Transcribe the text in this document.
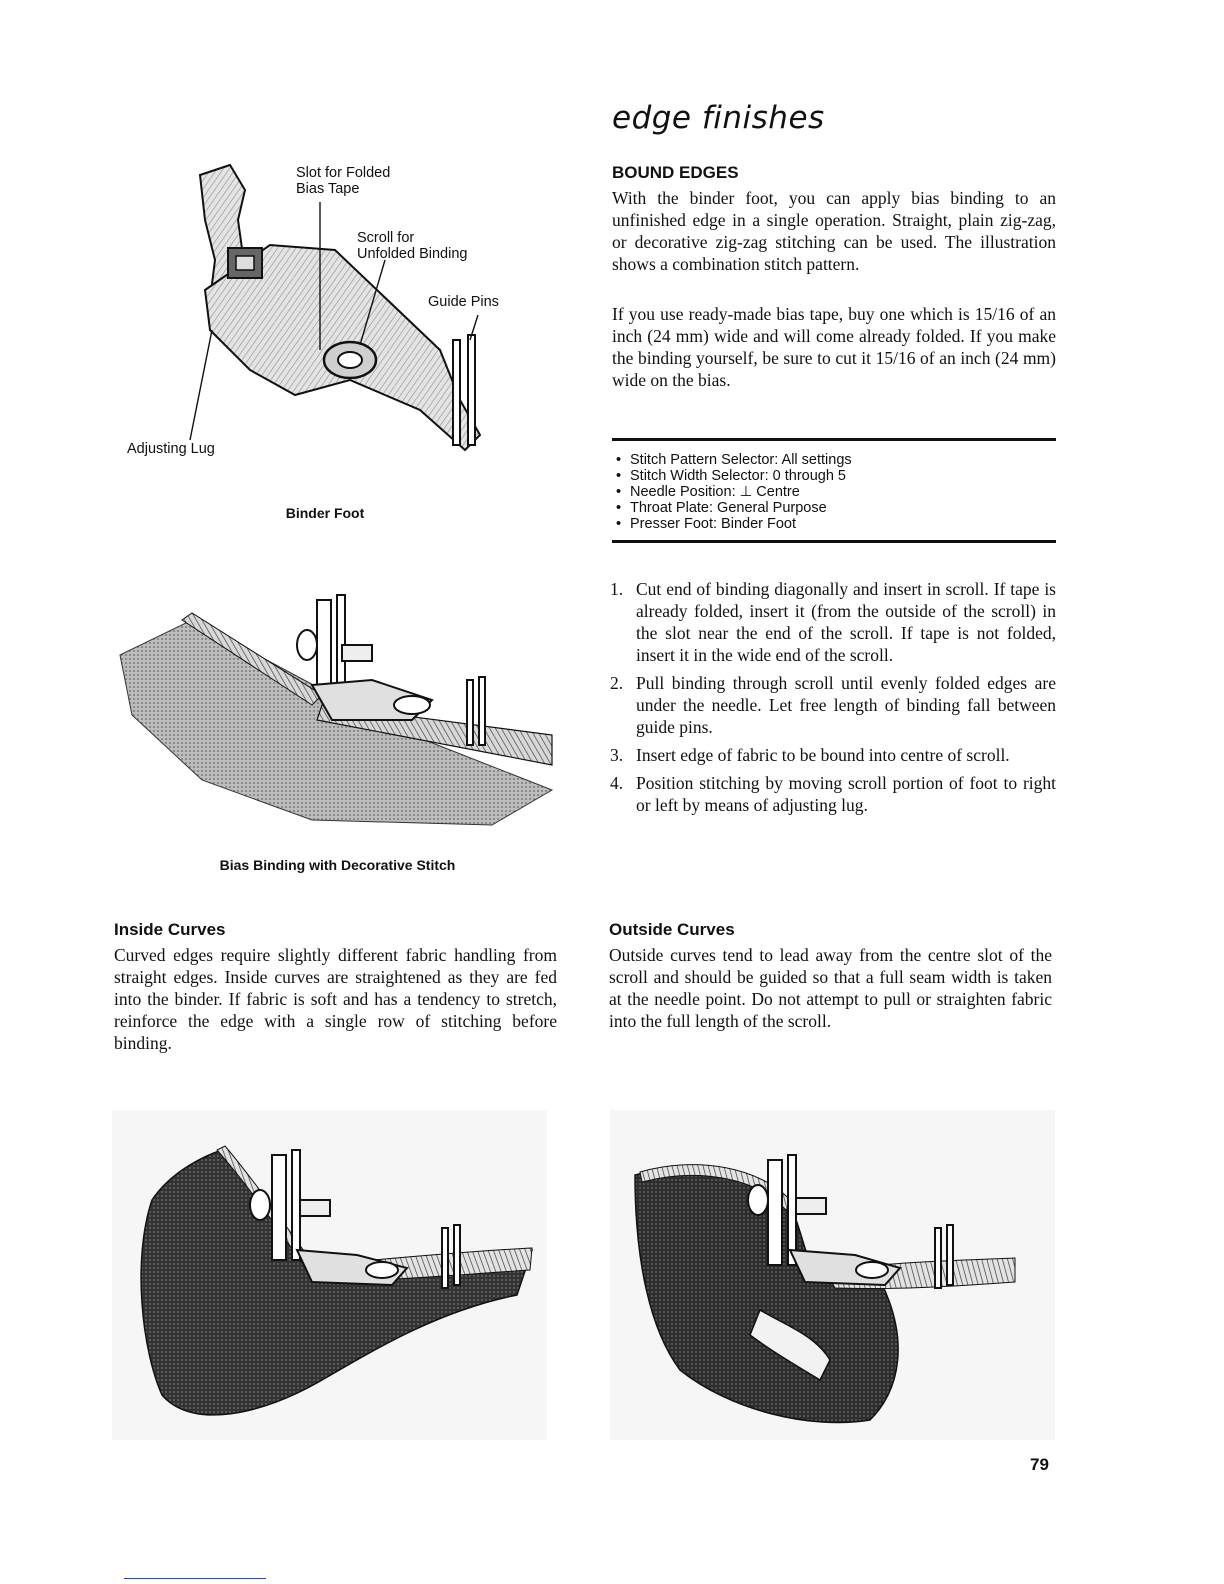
edge finishes
BOUND EDGES

With the binder foot, you can apply bias binding to an unfinished edge in a single operation. Straight, plain zig-zag, or decorative zig-zag stitching can be used. The illustration shows a combination stitch pattern.

If you use ready-made bias tape, buy one which is 15/16 of an inch (24 mm) wide and will come already folded. If you make the binding yourself, be sure to cut it 15/16 of an inch (24 mm) wide on the bias.

• Stitch Pattern Selector: All settings
• Stitch Width Selector: 0 through 5
• Needle Position: ⊥ Centre
• Throat Plate: General Purpose
• Presser Foot: Binder Foot
1. Cut end of binding diagonally and insert in scroll. If tape is already folded, insert it (from the outside of the scroll) in the slot near the end of the scroll. If tape is not folded, insert it in the wide end of the scroll.
2. Pull binding through scroll until evenly folded edges are under the needle. Let free length of binding fall between guide pins.
3. Insert edge of fabric to be bound into centre of scroll.
4. Position stitching by moving scroll portion of foot to right or left by means of adjusting lug.
Slot for Folded
Bias Tape
Scroll for
Unfolded Binding
Guide Pins
Adjusting Lug
Binder Foot
Bias Binding with Decorative Stitch
Inside Curves

Curved edges require slightly different fabric handling from straight edges. Inside curves are straightened as they are fed into the binder. If fabric is soft and has a tendency to stretch, reinforce the edge with a single row of stitching before binding.

Outside Curves

Outside curves tend to lead away from the centre slot of the scroll and should be guided so that a full seam width is taken at the needle point. Do not attempt to pull or straighten fabric into the full length of the scroll.

79
